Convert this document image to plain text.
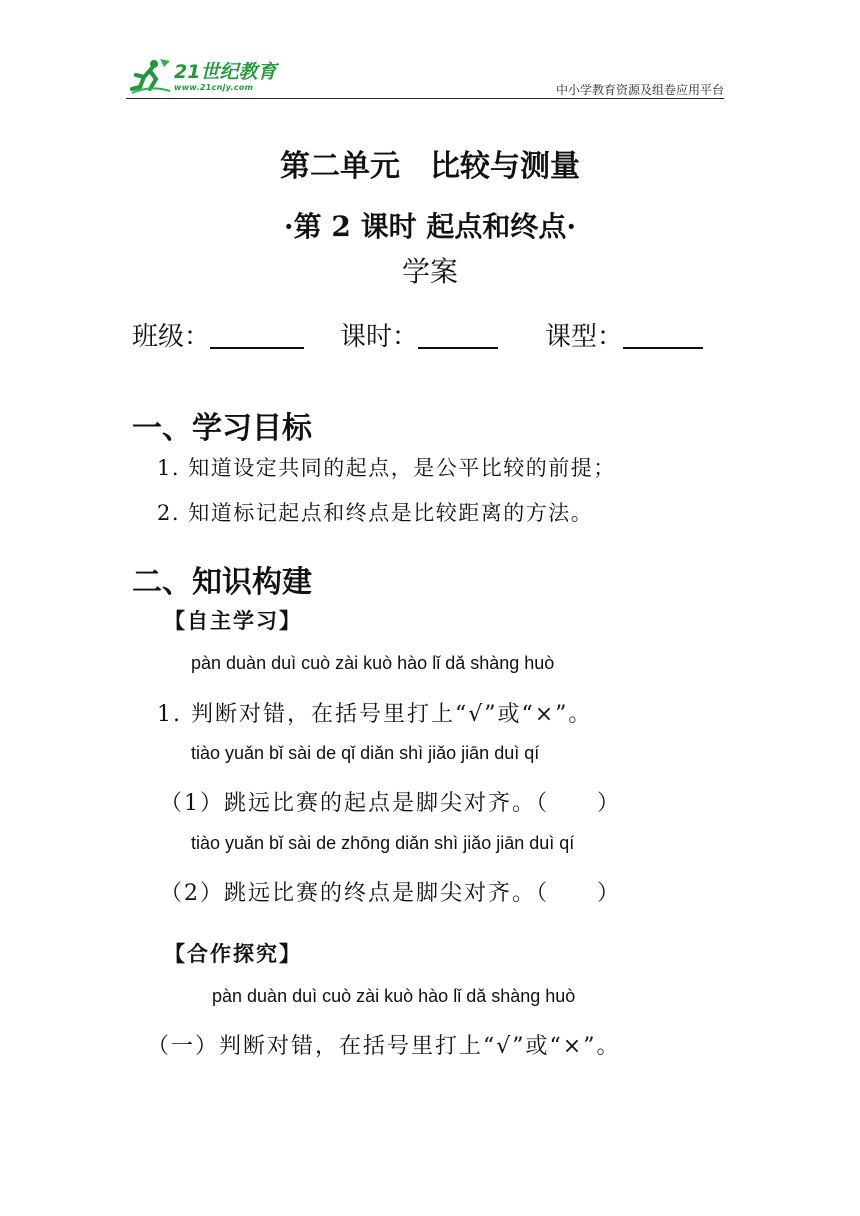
21世纪教育
www.21cnjy.com	中小学教育资源及组卷应用平台
第二单元　比较与测量
·第 2 课时 起点和终点·
学案
班级：	课时：	课型：
一、学习目标
1. 知道设定共同的起点，是公平比较的前提；
2. 知道标记起点和终点是比较距离的方法。
二、知识构建
【自主学习】
pàn duàn duì cuò zài kuò hào lǐ dǎ shàng huò
1. 判断对错，在括号里打上“√”或“×”。
tiào yuǎn bǐ sài de qǐ diǎn shì jiǎo jiān duì qí
（1）跳远比赛的起点是脚尖对齐。（　　）
tiào yuǎn bǐ sài de zhōng diǎn shì jiǎo jiān duì qí
（2）跳远比赛的终点是脚尖对齐。（　　）
【合作探究】
pàn duàn duì cuò zài kuò hào lǐ dǎ shàng huò
（一）判断对错，在括号里打上“√”或“×”。
